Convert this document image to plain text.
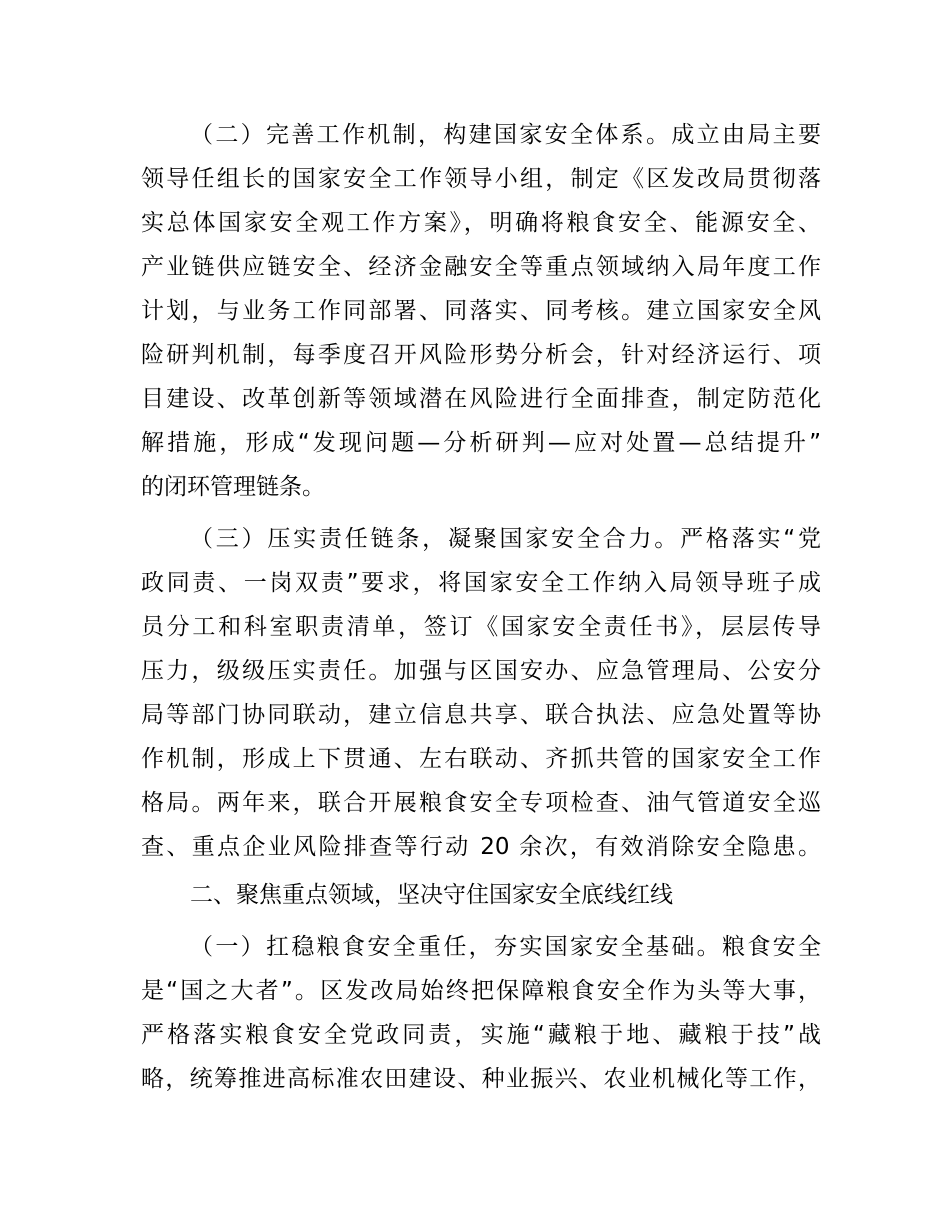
（二）完善工作机制，构建国家安全体系。成立由局主要
领导任组长的国家安全工作领导小组，制定《区发改局贯彻落
实总体国家安全观工作方案》，明确将粮食安全、能源安全、
产业链供应链安全、经济金融安全等重点领域纳入局年度工作
计划，与业务工作同部署、同落实、同考核。建立国家安全风
险研判机制，每季度召开风险形势分析会，针对经济运行、项
目建设、改革创新等领域潜在风险进行全面排查，制定防范化
解措施，形成“发现问题—分析研判—应对处置—总结提升”
的闭环管理链条。
（三）压实责任链条，凝聚国家安全合力。严格落实“党
政同责、一岗双责”要求，将国家安全工作纳入局领导班子成
员分工和科室职责清单，签订《国家安全责任书》，层层传导
压力，级级压实责任。加强与区国安办、应急管理局、公安分
局等部门协同联动，建立信息共享、联合执法、应急处置等协
作机制，形成上下贯通、左右联动、齐抓共管的国家安全工作
格局。两年来，联合开展粮食安全专项检查、油气管道安全巡
查、重点企业风险排查等行动 20 余次，有效消除安全隐患。
二、聚焦重点领域，坚决守住国家安全底线红线
（一）扛稳粮食安全重任，夯实国家安全基础。粮食安全
是“国之大者”。区发改局始终把保障粮食安全作为头等大事，
严格落实粮食安全党政同责，实施“藏粮于地、藏粮于技”战
略，统筹推进高标准农田建设、种业振兴、农业机械化等工作，
